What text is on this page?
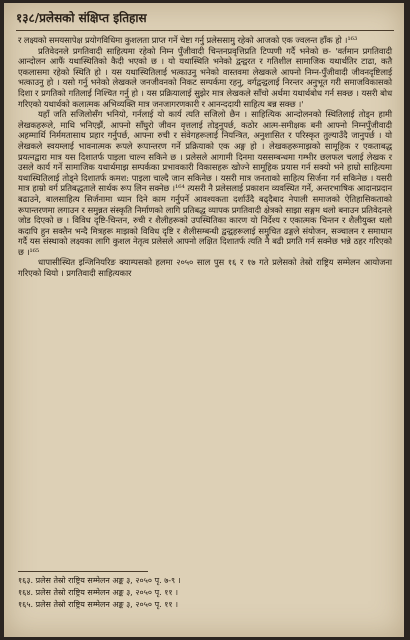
१३८/प्रलेसको संक्षिप्त इतिहास

र लक्ष्यको समयसापेक्ष प्रयोगविधिमा कुशलता प्राप्त गर्ने चेष्टा गर्नु प्रलेससामु रहेको आजको एक ज्वलन्त हाँक हो ।¹⁶³

प्रतिवेदनले प्रगतिवादी साहित्यमा रहेको निम्न पुँजीवादी चिन्तनप्रवृत्तिप्रति टिप्पणी गर्दै भनेको छ- 'वर्तमान प्रगतिवादी आन्दोलन आफैं यथास्थितिको कैदी भएको छ । यो यथास्थिति भनेको द्वन्द्वरत र गतिशील सामाजिक यथार्थतिर टाढा, कतै एकलासमा रहेको स्थिति हो । यस यथास्थितिलाई भत्काउनु भनेको वास्तवमा लेखकले आफ्नो निम्न-पुँजीवादी जीवनदृष्टिलाई भत्काउनु हो । यसो गर्नु भनेको लेखकले जनजीवनको निकट सम्पर्कमा रहनु, वर्गद्वन्द्वलाई निरन्तर अनुभूत गरी समाजविकासको दिशा र प्रगतिको गतिलाई निश्चित गर्नु हो । यस प्रक्रियालाई सुझेर मात्र लेखकले साँचो अर्थमा यथार्थबोध गर्न सक्छ । यसरी बोध गरिएको यथार्थको कलात्मक अभिव्यक्ति मात्र जनजागरणकारी र आनन्ददायी साहित्य बन्न सक्छ ।'

यहाँ जति सजिलोसँग भनियो, गर्नलाई यो कार्य त्यति सजिलो छैन । साहित्यिक आन्दोलनको स्थितिलाई तोड्न हामी लेखकहरूले, माथि भनिएझैं, आफ्नो साँघुरो जीवन वृत्तलाई तोड्नुपर्छ, कठोर आत्म-समीक्षक बनी आफ्नो निम्नपुँजीवादी अहम्मार्थि निर्ममतासाथ प्रहार गर्नुपर्छ, आफ्ना रुची र संवेगहरूलाई नियन्त्रित, अनुशासित र परिस्कृत तुल्याउँदै जानुपर्छ । यो लेखकले स्वयम्लाई भावनात्मक रूपले रूपान्तरण गर्ने प्रक्रियाको एक अङ्ग हो । लेखकहरूमाझको सामूहिक र एकताबद्ध प्रयत्नद्वारा मात्र यस दिशातर्फ पाइला चाल्न सकिने छ । प्रलेसले आगामी दिनमा यससम्बन्धमा गम्भीर छलफल चलाई लेखक र उसले कार्य गर्ने सामाजिक यथार्थमाझ सम्पर्कका प्रभावकारी विकासहरू खोज्ने सामूहिक प्रयास गर्न सक्यो भने हाम्रो साहित्यमा यथास्थितिलाई तोड्ने दिशातर्फ कमश: पाइला चाल्दै जान सकिनेछ । यसरी मात्र जनताको साहित्य सिर्जना गर्न सकिनेछ । यसरी मात्र हाम्रो वर्ग प्रतिबद्धताले सार्थक रूप लिन सक्नेछ ।¹⁶⁴ त्यसरी नै प्रलेसलाई प्रकाशन व्यवस्थित गर्ने, अन्तरभाषिक आदानप्रदान बढाउने, बालसाहित्य सिर्जनामा ध्यान दिने काम गर्नुपर्ने आवश्यकता दर्शाउँदै बढ्दैबाद नेपाली समाजको ऐतिहासिकताको रूपान्तरणमा लगाउन र समुन्नत संस्कृति निर्माणको लागि प्रतिबद्ध व्यापक प्रगतिवादी क्षेत्रको साझा सङ्गम थलो बनाउन प्रतिवेदनले जोड दिएको छ । विविध दृष्टि-चिन्तन, रुची र शैलीहरूको उपस्थितिका कारण यो निर्देश्य र एकात्मक चिन्तन र शैलीयुक्त थलो कदापि हुन सक्तैन भन्दै मित्रहरू माझको विविध दृष्टि र शैलीसम्बन्धी द्वन्द्वहरूलाई समुचित ढङ्गले संयोजन, सञ्चालन र समाधान गर्दै यस संस्थाको लक्ष्यका लागि कुशल नेतृत्व प्रलेसले आफ्नो लक्षित दिशातर्फ त्यति नै बढी प्रगति गर्न सक्नेछ भन्ने ठहर गरिएको छ ।¹⁶⁵

धापासीस्थित इन्जिनियरिङ क्याम्पसको हलमा २०५० साल पुस १६ र १७ गते प्रलेसको तेस्रो राष्ट्रिय सम्मेलन आयोजना गरिएको थियो । प्रगतिवादी साहित्यकार

१६३. प्रलेस तेस्रो राष्ट्रिय सम्मेलन अङ्क ३, २०५० पृ. ७-९ ।
१६४. प्रलेस तेस्रो राष्ट्रिय सम्मेलन अङ्क ३, २०५० पृ. ११ ।
१६५. प्रलेस तेस्रो राष्ट्रिय सम्मेलन अङ्क ३, २०५० पृ. ११ ।
